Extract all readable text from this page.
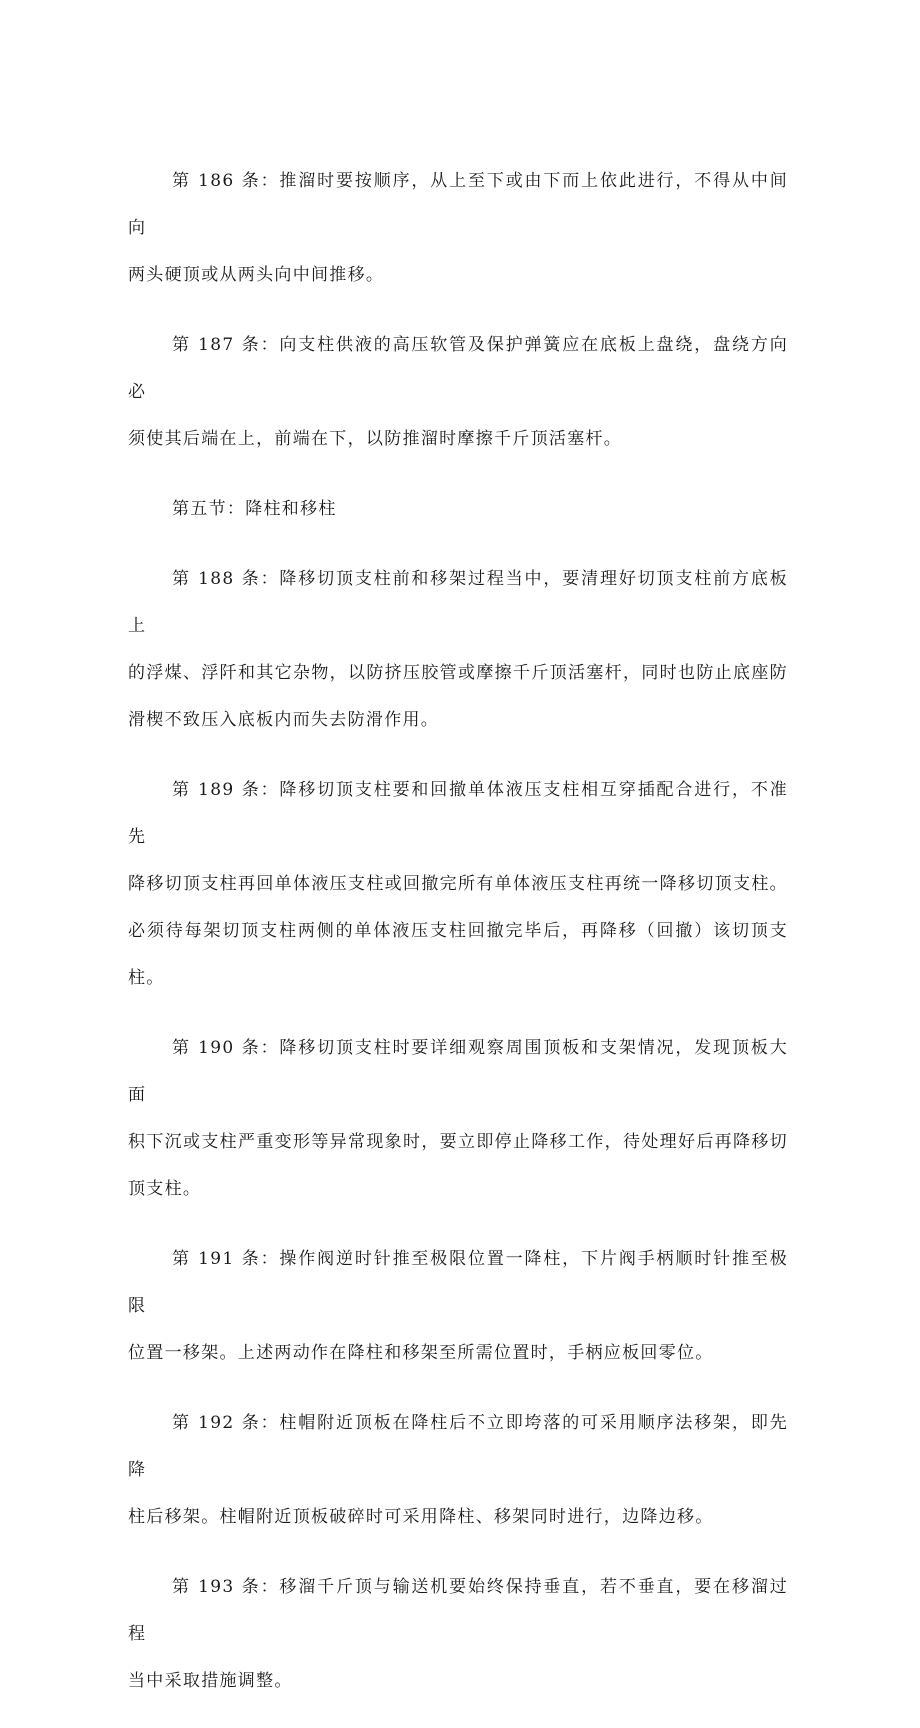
第 186 条：推溜时要按顺序，从上至下或由下而上依此进行，不得从中间向
两头硬顶或从两头向中间推移。
第 187 条：向支柱供液的高压软管及保护弹簧应在底板上盘绕，盘绕方向必
须使其后端在上，前端在下，以防推溜时摩擦千斤顶活塞杆。
第五节：降柱和移柱
第 188 条：降移切顶支柱前和移架过程当中，要清理好切顶支柱前方底板上
的浮煤、浮阡和其它杂物，以防挤压胶管或摩擦千斤顶活塞杆，同时也防止底座防
滑楔不致压入底板内而失去防滑作用。
第 189 条：降移切顶支柱要和回撤单体液压支柱相互穿插配合进行，不准先
降移切顶支柱再回单体液压支柱或回撤完所有单体液压支柱再统一降移切顶支柱。
必须待每架切顶支柱两侧的单体液压支柱回撤完毕后，再降移（回撤）该切顶支柱。
第 190 条：降移切顶支柱时要详细观察周围顶板和支架情况，发现顶板大面
积下沉或支柱严重变形等异常现象时，要立即停止降移工作，待处理好后再降移切
顶支柱。
第 191 条：操作阀逆时针推至极限位置一降柱，下片阀手柄顺时针推至极限
位置一移架。上述两动作在降柱和移架至所需位置时，手柄应板回零位。
第 192 条：柱帽附近顶板在降柱后不立即垮落的可采用顺序法移架，即先降
柱后移架。柱帽附近顶板破碎时可采用降柱、移架同时进行，边降边移。
第 193 条：移溜千斤顶与输送机要始终保持垂直，若不垂直，要在移溜过程
当中采取措施调整。
